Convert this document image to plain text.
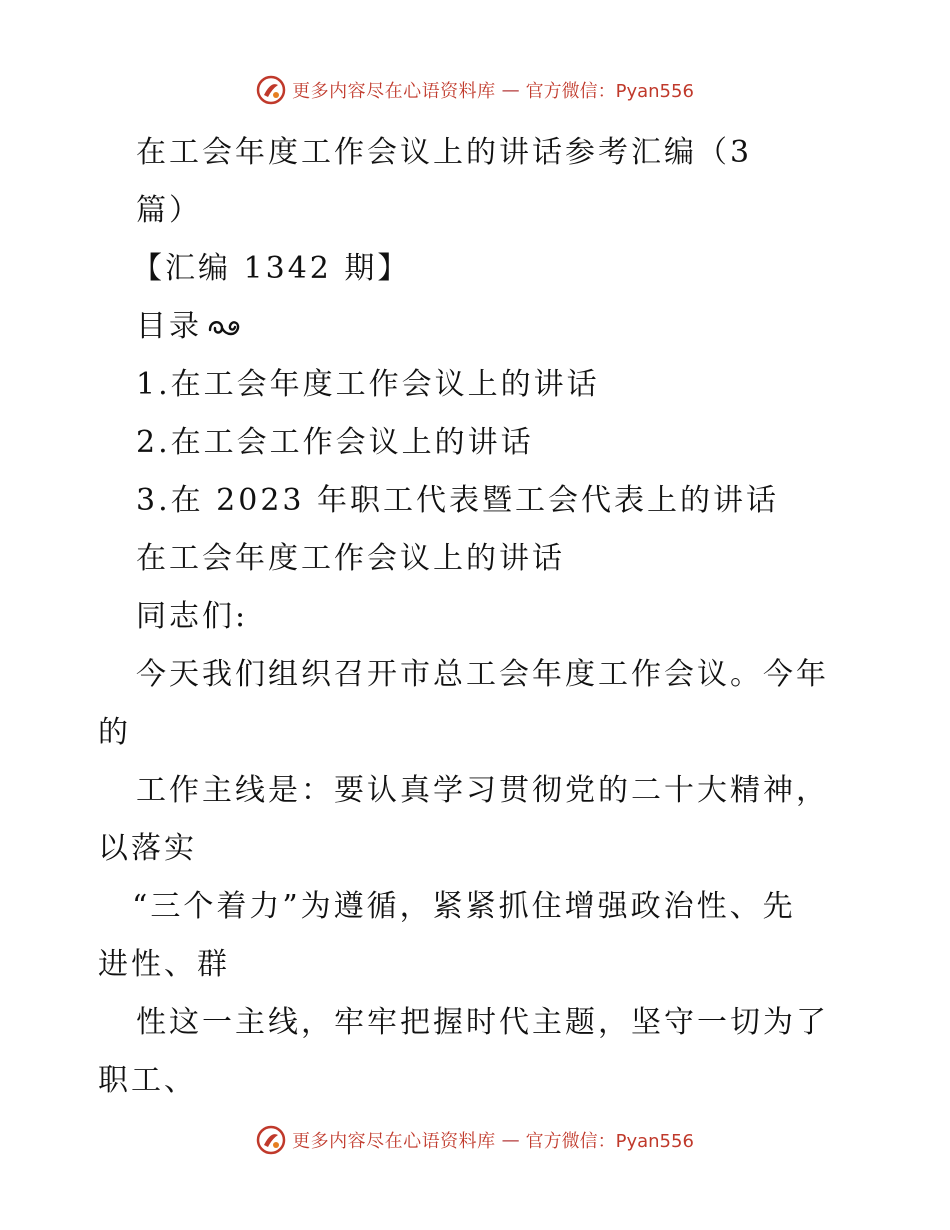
更多内容尽在心语资料库 — 官方微信：Pyan556
在工会年度工作会议上的讲话参考汇编（3
篇）
【汇编 1342 期】
目录
1.在工会年度工作会议上的讲话
2.在工会工作会议上的讲话
3.在 2023 年职工代表暨工会代表上的讲话
在工会年度工作会议上的讲话
同志们:
今天我们组织召开市总工会年度工作会议。今年
的
工作主线是：要认真学习贯彻党的二十大精神，
以落实
“三个着力”为遵循，紧紧抓住增强政治性、先
进性、群
性这一主线，牢牢把握时代主题，坚守一切为了
职工、
更多内容尽在心语资料库 — 官方微信：Pyan556
